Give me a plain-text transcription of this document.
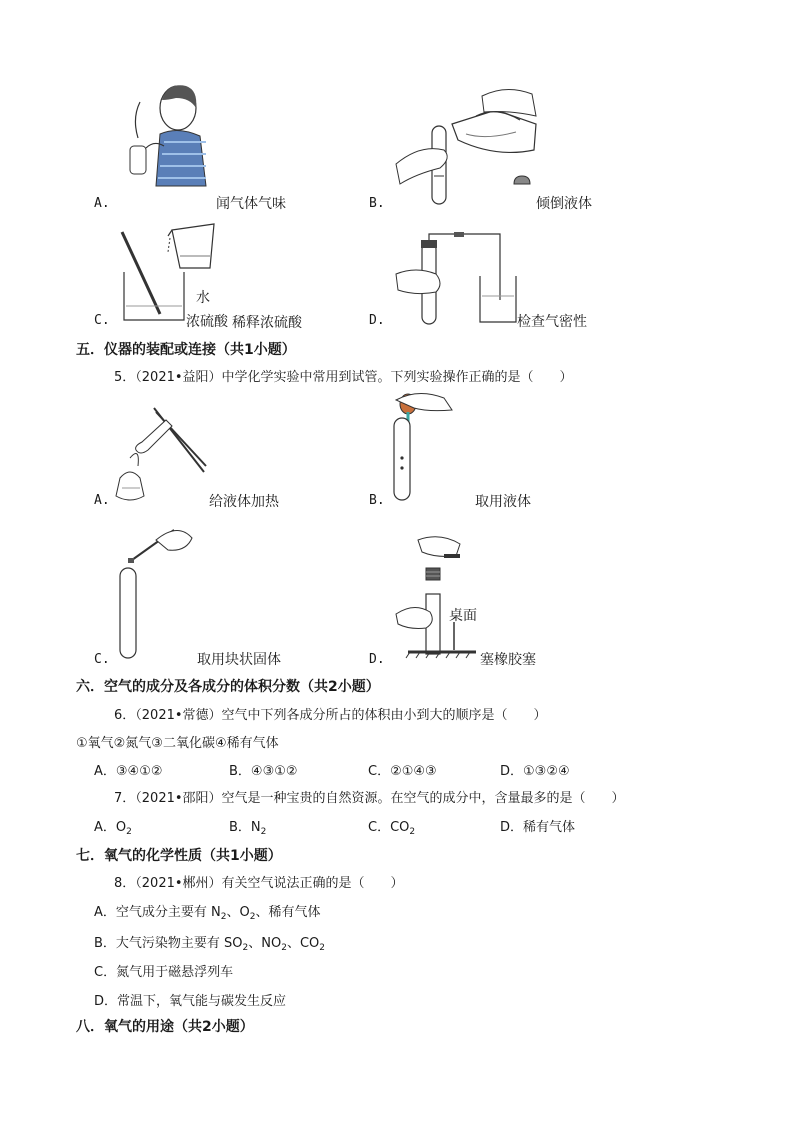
A.	闻气体气味	B.	倾倒液体
水
C.	浓硫酸 稀释浓硫酸	D.	检查气密性
五．仪器的装配或连接（共1小题）
5．（2021•益阳）中学化学实验中常用到试管。下列实验操作正确的是（　　）
A.	给液体加热	B.	取用液体
C.	取用块状固体
桌面
D.	塞橡胶塞
六．空气的成分及各成分的体积分数（共2小题）
6．（2021•常德）空气中下列各成分所占的体积由小到大的顺序是（　　）
①氧气②氮气③二氧化碳④稀有气体
A．③④①②	B．④③①②	C．②①④③	D．①③②④
7．（2021•邵阳）空气是一种宝贵的自然资源。在空气的成分中，含量最多的是（　　）
A．$O_2$	B．$N_2$	C．$CO_2$	D．稀有气体
七．氧气的化学性质（共1小题）
8．（2021•郴州）有关空气说法正确的是（　　）
A．空气成分主要有 $N_2$、$O_2$、稀有气体
B．大气污染物主要有 $SO_2$、$NO_2$、$CO_2$
C．氮气用于磁悬浮列车
D．常温下，氧气能与碳发生反应
八．氧气的用途（共2小题）
